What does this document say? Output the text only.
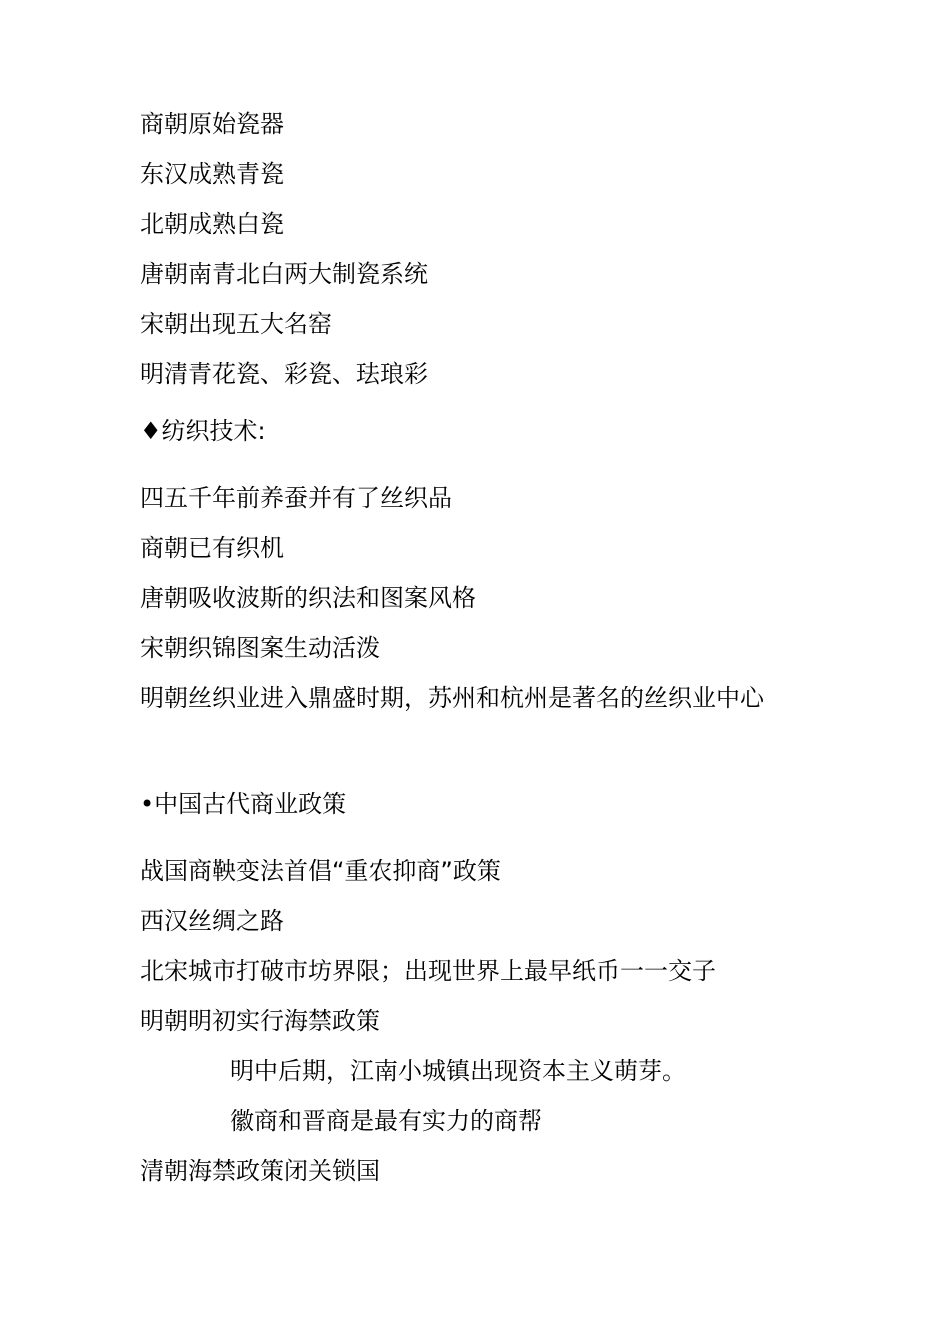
商朝原始瓷器
东汉成熟青瓷
北朝成熟白瓷
唐朝南青北白两大制瓷系统
宋朝出现五大名窑
明清青花瓷、彩瓷、珐琅彩
♦纺织技术:
四五千年前养蚕并有了丝织品
商朝已有织机
唐朝吸收波斯的织法和图案风格
宋朝织锦图案生动活泼
明朝丝织业进入鼎盛时期，苏州和杭州是著名的丝织业中心
•中国古代商业政策
战国商鞅变法首倡“重农抑商”政策
西汉丝绸之路
北宋城市打破市坊界限；出现世界上最早纸币一一交子
明朝明初实行海禁政策
明中后期，江南小城镇出现资本主义萌芽。
徽商和晋商是最有实力的商帮
清朝海禁政策闭关锁国
